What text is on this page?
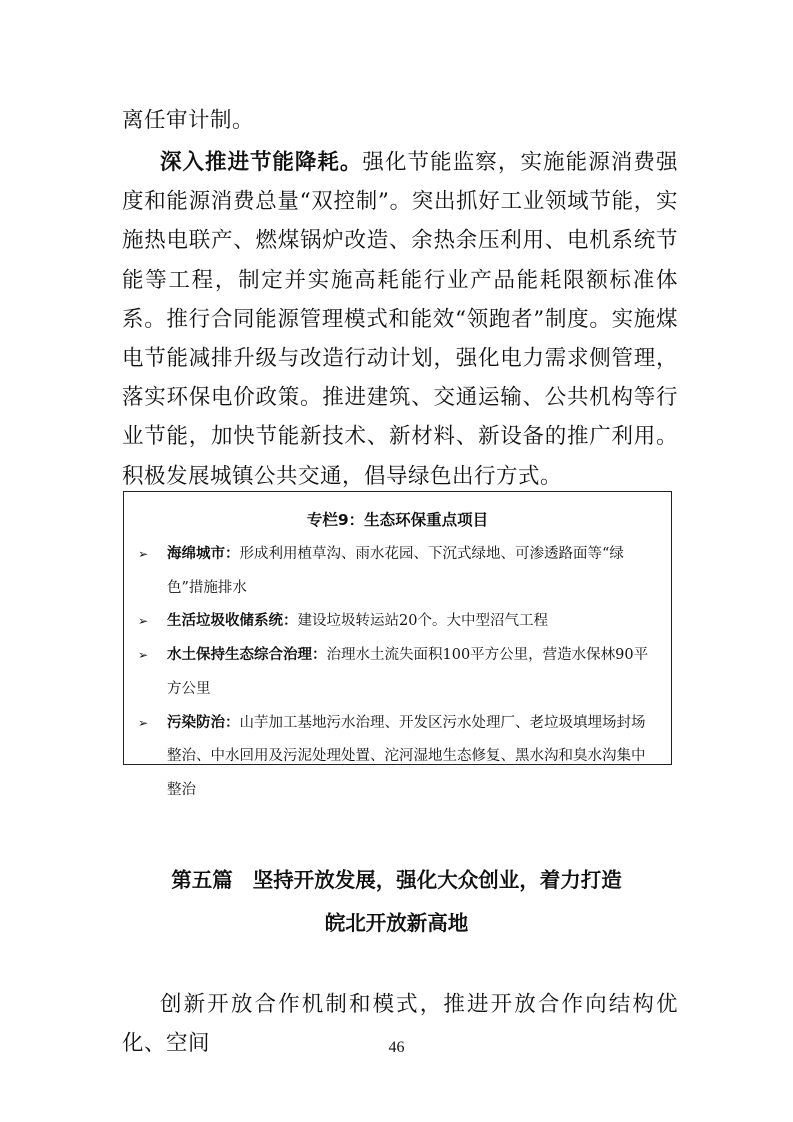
离任审计制。

深入推进节能降耗。强化节能监察，实施能源消费强度和能源消费总量“双控制”。突出抓好工业领域节能，实施热电联产、燃煤锅炉改造、余热余压利用、电机系统节能等工程，制定并实施高耗能行业产品能耗限额标准体系。推行合同能源管理模式和能效“领跑者”制度。实施煤电节能减排升级与改造行动计划，强化电力需求侧管理，落实环保电价政策。推进建筑、交通运输、公共机构等行业节能，加快节能新技术、新材料、新设备的推广利用。积极发展城镇公共交通，倡导绿色出行方式。

专栏9：生态环保重点项目
➢ 海绵城市：形成利用植草沟、雨水花园、下沉式绿地、可渗透路面等“绿色”措施排水
➢ 生活垃圾收储系统：建设垃圾转运站20个。大中型沼气工程
➢ 水土保持生态综合治理：治理水土流失面积100平方公里，营造水保林90平方公里
➢ 污染防治：山芋加工基地污水治理、开发区污水处理厂、老垃圾填埋场封场整治、中水回用及污泥处理处置、沱河湿地生态修复、黑水沟和臭水沟集中整治
第五篇 坚持开放发展，强化大众创业，着力打造
皖北开放新高地

创新开放合作机制和模式，推进开放合作向结构优化、空间	46
